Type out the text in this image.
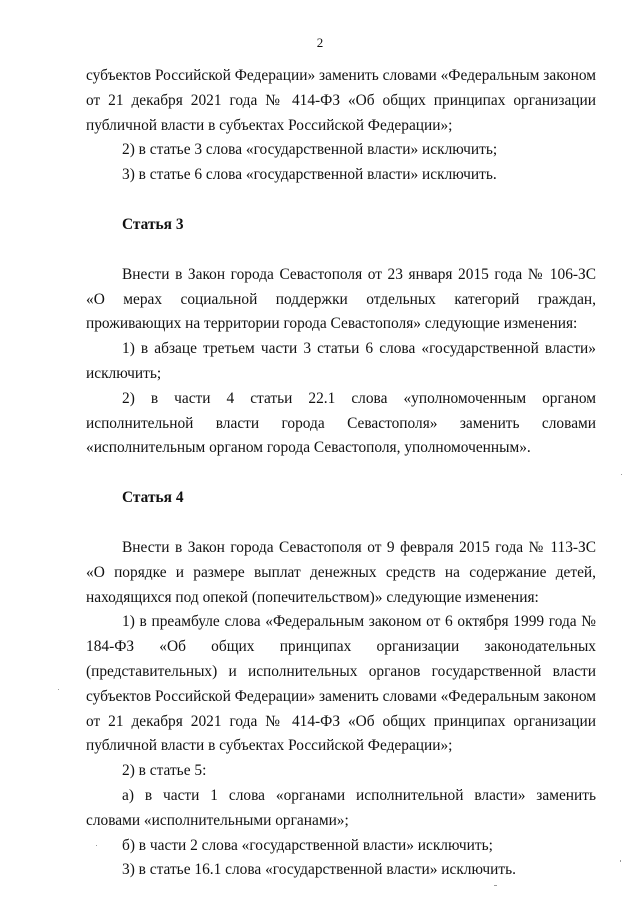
2

субъектов Российской Федерации» заменить словами «Федеральным законом от 21 декабря 2021 года № 414-ФЗ «Об общих принципах организации публичной власти в субъектах Российской Федерации»;

2) в статье 3 слова «государственной власти» исключить;

3) в статье 6 слова «государственной власти» исключить.

Статья 3

Внести в Закон города Севастополя от 23 января 2015 года № 106-ЗС «О мерах социальной поддержки отдельных категорий граждан, проживающих на территории города Севастополя» следующие изменения:

1) в абзаце третьем части 3 статьи 6 слова «государственной власти» исключить;

2) в части 4 статьи 22.1 слова «уполномоченным органом исполнительной власти города Севастополя» заменить словами «исполнительным органом города Севастополя, уполномоченным».

Статья 4

Внести в Закон города Севастополя от 9 февраля 2015 года № 113-ЗС «О порядке и размере выплат денежных средств на содержание детей, находящихся под опекой (попечительством)» следующие изменения:

1) в преамбуле слова «Федеральным законом от 6 октября 1999 года № 184-ФЗ «Об общих принципах организации законодательных (представительных) и исполнительных органов государственной власти субъектов Российской Федерации» заменить словами «Федеральным законом от 21 декабря 2021 года № 414-ФЗ «Об общих принципах организации публичной власти в субъектах Российской Федерации»;

2) в статье 5:

а) в части 1 слова «органами исполнительной власти» заменить словами «исполнительными органами»;

б) в части 2 слова «государственной власти» исключить;

3) в статье 16.1 слова «государственной власти» исключить.
